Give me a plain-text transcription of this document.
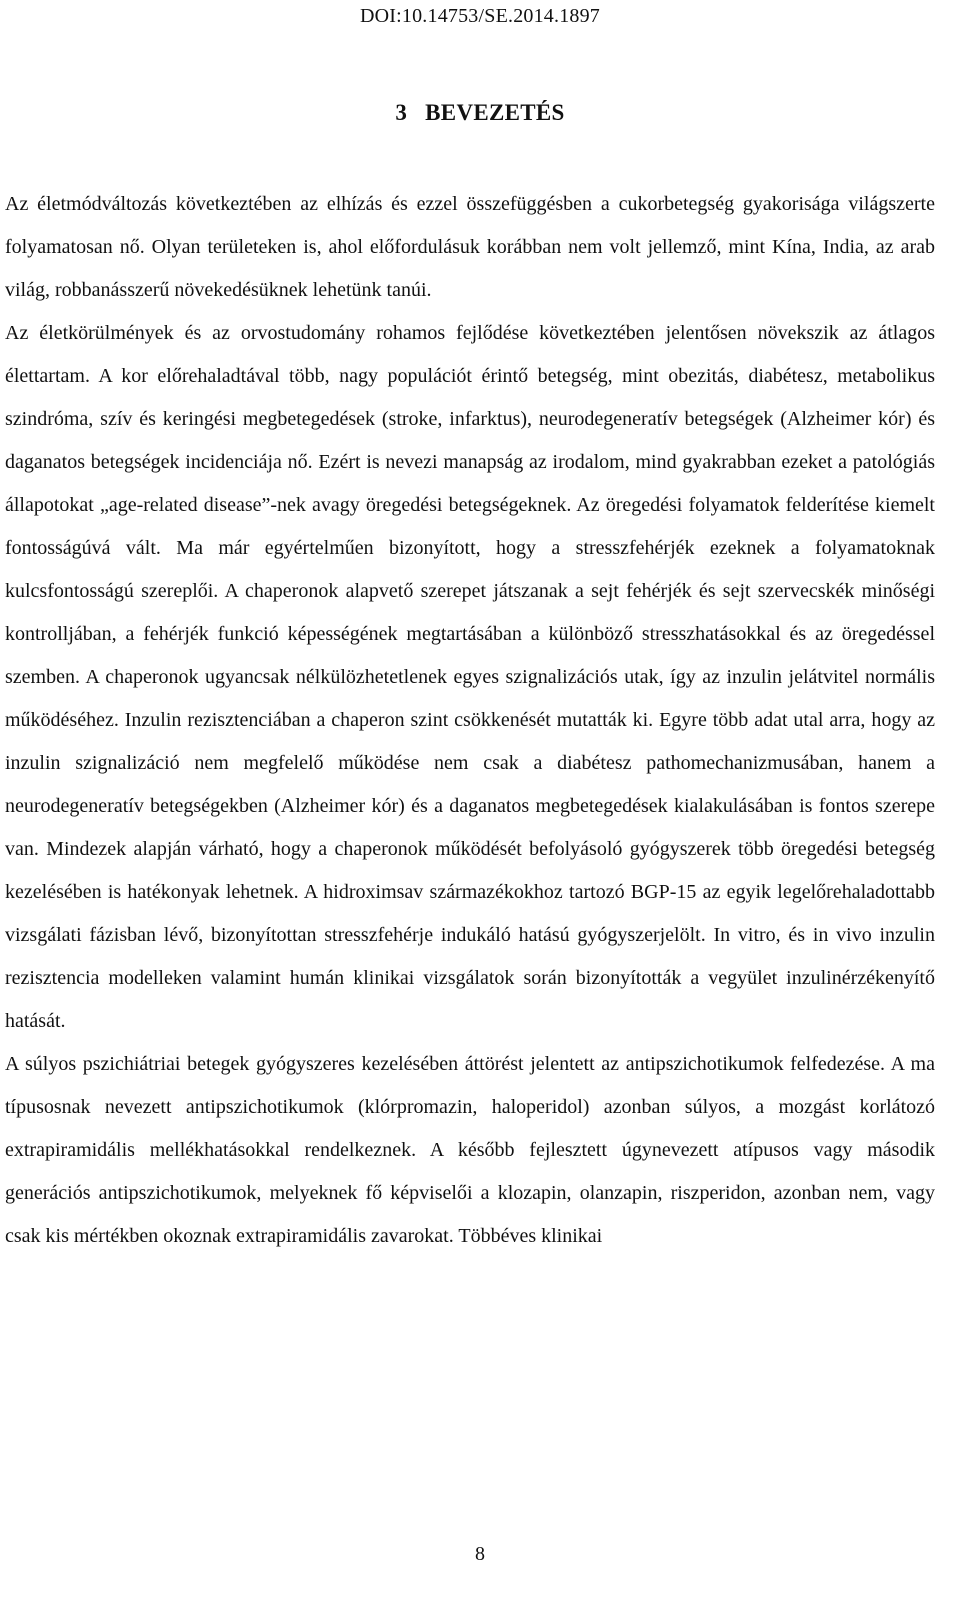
DOI:10.14753/SE.2014.1897
3 BEVEZETÉS

Az életmódváltozás következtében az elhízás és ezzel összefüggésben a cukorbetegség gyakorisága világszerte folyamatosan nő. Olyan területeken is, ahol előfordulásuk korábban nem volt jellemző, mint Kína, India, az arab világ, robbanásszerű növekedésüknek lehetünk tanúi.

Az életkörülmények és az orvostudomány rohamos fejlődése következtében jelentősen növekszik az átlagos élettartam. A kor előrehaladtával több, nagy populációt érintő betegség, mint obezitás, diabétesz, metabolikus szindróma, szív és keringési megbetegedések (stroke, infarktus), neurodegeneratív betegségek (Alzheimer kór) és daganatos betegségek incidenciája nő. Ezért is nevezi manapság az irodalom, mind gyakrabban ezeket a patológiás állapotokat „age-related disease”-nek avagy öregedési betegségeknek. Az öregedési folyamatok felderítése kiemelt fontosságúvá vált. Ma már egyértelműen bizonyított, hogy a stresszfehérjék ezeknek a folyamatoknak kulcsfontosságú szereplői. A chaperonok alapvető szerepet játszanak a sejt fehérjék és sejt szervecskék minőségi kontrolljában, a fehérjék funkció képességének megtartásában a különböző stresszhatásokkal és az öregedéssel szemben. A chaperonok ugyancsak nélkülözhetetlenek egyes szignalizációs utak, így az inzulin jelátvitel normális működéséhez. Inzulin rezisztenciában a chaperon szint csökkenését mutatták ki. Egyre több adat utal arra, hogy az inzulin szignalizáció nem megfelelő működése nem csak a diabétesz pathomechanizmusában, hanem a neurodegeneratív betegségekben (Alzheimer kór) és a daganatos megbetegedések kialakulásában is fontos szerepe van. Mindezek alapján várható, hogy a chaperonok működését befolyásoló gyógyszerek több öregedési betegség kezelésében is hatékonyak lehetnek. A hidroximsav származékokhoz tartozó BGP-15 az egyik legelőrehaladottabb vizsgálati fázisban lévő, bizonyítottan stresszfehérje indukáló hatású gyógyszerjelölt. In vitro, és in vivo inzulin rezisztencia modelleken valamint humán klinikai vizsgálatok során bizonyították a vegyület inzulinérzékenyítő hatását.

A súlyos pszichiátriai betegek gyógyszeres kezelésében áttörést jelentett az antipszichotikumok felfedezése. A ma típusosnak nevezett antipszichotikumok (klórpromazin, haloperidol) azonban súlyos, a mozgást korlátozó extrapiramidális mellékhatásokkal rendelkeznek. A később fejlesztett úgynevezett atípusos vagy második generációs antipszichotikumok, melyeknek fő képviselői a klozapin, olanzapin, riszperidon, azonban nem, vagy csak kis mértékben okoznak extrapiramidális zavarokat. Többéves klinikai

8
